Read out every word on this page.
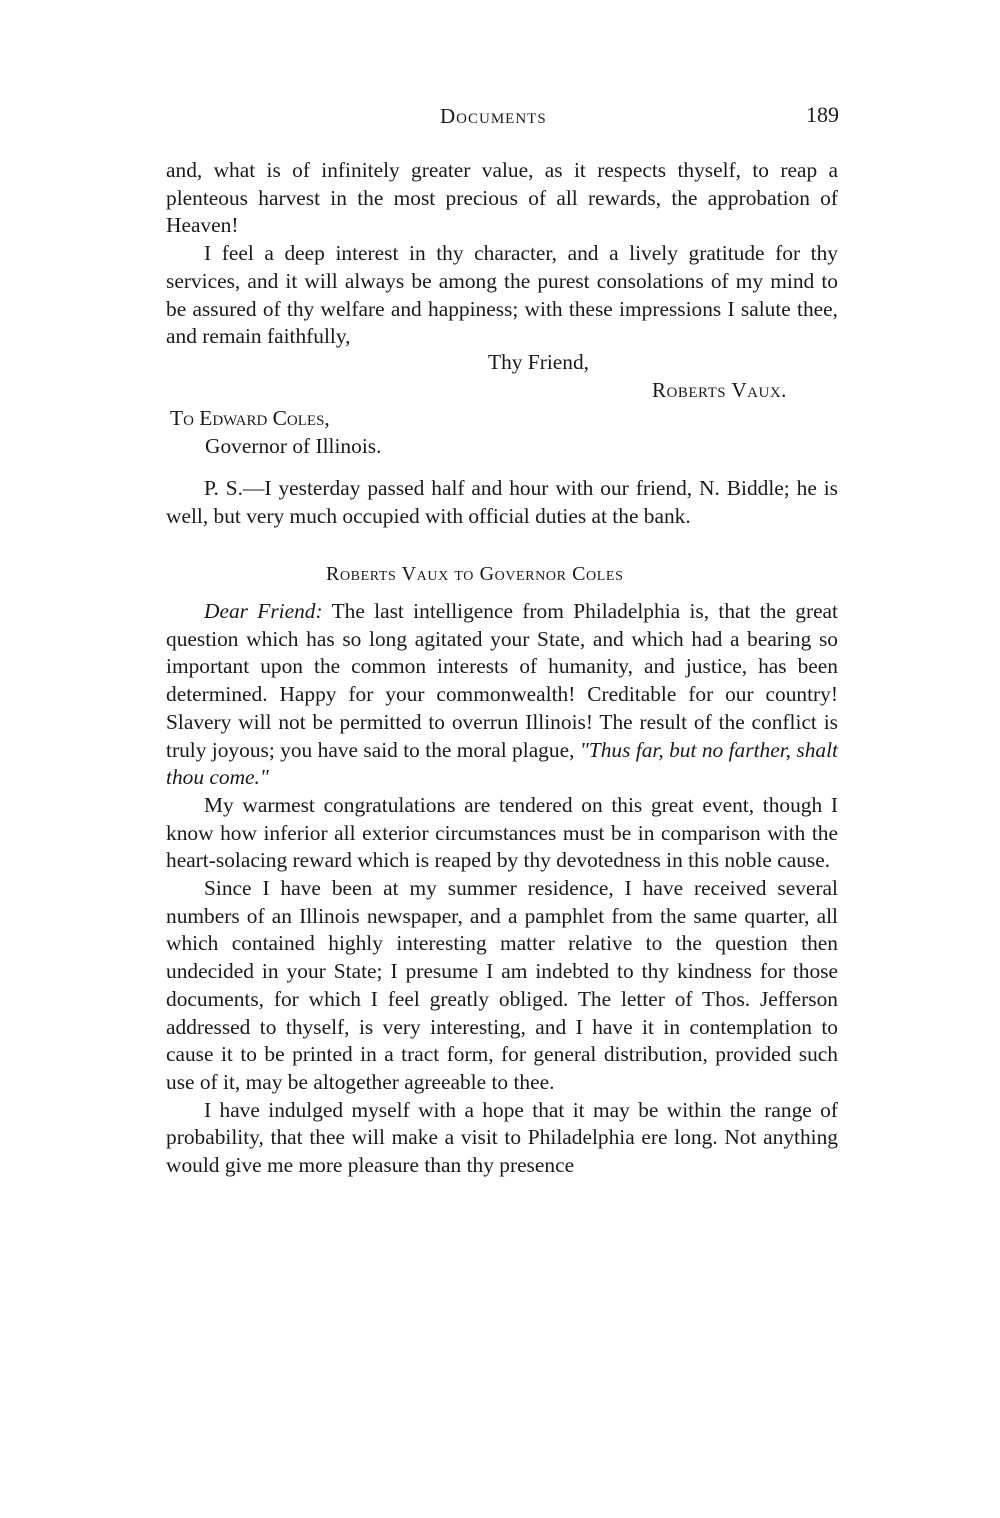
Documents	189

and, what is of infinitely greater value, as it respects thyself, to reap a plenteous harvest in the most precious of all rewards, the approbation of Heaven!

I feel a deep interest in thy character, and a lively gratitude for thy services, and it will always be among the purest consolations of my mind to be assured of thy welfare and happiness; with these impressions I salute thee, and remain faithfully,

Thy Friend,
Roberts Vaux.
To Edward Coles,
Governor of Illinois.

P. S.—I yesterday passed half and hour with our friend, N. Biddle; he is well, but very much occupied with official duties at the bank.

Roberts Vaux to Governor Coles

Dear Friend: The last intelligence from Philadelphia is, that the great question which has so long agitated your State, and which had a bearing so important upon the common interests of humanity, and justice, has been determined. Happy for your commonwealth! Creditable for our country! Slavery will not be permitted to overrun Illinois! The result of the conflict is truly joyous; you have said to the moral plague, "Thus far, but no farther, shalt thou come."

My warmest congratulations are tendered on this great event, though I know how inferior all exterior circumstances must be in comparison with the heart-solacing reward which is reaped by thy devotedness in this noble cause.

Since I have been at my summer residence, I have received several numbers of an Illinois newspaper, and a pamphlet from the same quarter, all which contained highly interesting matter relative to the question then undecided in your State; I presume I am indebted to thy kindness for those documents, for which I feel greatly obliged. The letter of Thos. Jefferson addressed to thyself, is very interesting, and I have it in contemplation to cause it to be printed in a tract form, for general distribution, provided such use of it, may be altogether agreeable to thee.

I have indulged myself with a hope that it may be within the range of probability, that thee will make a visit to Philadelphia ere long. Not anything would give me more pleasure than thy presence
